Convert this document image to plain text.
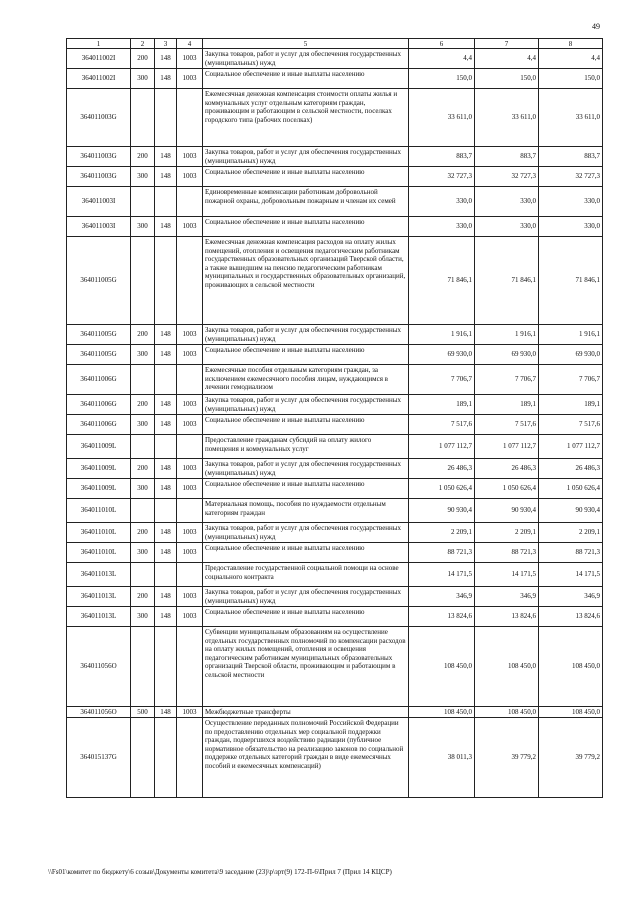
49
1	2	3	4	5	6	7	8
364011002I	200	148	1003	Закупка товаров, работ и услуг для обеспечения государственных (муниципальных) нужд	4,4	4,4	4,4
364011002I	300	148	1003	Социальное обеспечение и иные выплаты населению	150,0	150,0	150,0
364011003G				Ежемесячная денежная компенсация стоимости оплаты жилья и коммунальных услуг отдельным категориям граждан, проживающим и работающим в сельской местности, поселках городского типа (рабочих поселках)	33 611,0	33 611,0	33 611,0
364011003G	200	148	1003	Закупка товаров, работ и услуг для обеспечения государственных (муниципальных) нужд	883,7	883,7	883,7
364011003G	300	148	1003	Социальное обеспечение и иные выплаты населению	32 727,3	32 727,3	32 727,3
364011003I				Единовременные компенсации работникам добровольной пожарной охраны, добровольным пожарным и членам их семей	330,0	330,0	330,0
364011003I	300	148	1003	Социальное обеспечение и иные выплаты населению	330,0	330,0	330,0
364011005G				Ежемесячная денежная компенсация расходов на оплату жилых помещений, отопления и освещения педагогическим работникам государственных образовательных организаций Тверской области, а также вышедшим на пенсию педагогическим работникам муниципальных и государственных образовательных организаций, проживающих в сельской местности	71 846,1	71 846,1	71 846,1
364011005G	200	148	1003	Закупка товаров, работ и услуг для обеспечения государственных (муниципальных) нужд	1 916,1	1 916,1	1 916,1
364011005G	300	148	1003	Социальное обеспечение и иные выплаты населению	69 930,0	69 930,0	69 930,0
364011006G				Ежемесячные пособия отдельным категориям граждан, за исключением ежемесячного пособия лицам, нуждающимся в лечении гемодиализом	7 706,7	7 706,7	7 706,7
364011006G	200	148	1003	Закупка товаров, работ и услуг для обеспечения государственных (муниципальных) нужд	189,1	189,1	189,1
364011006G	300	148	1003	Социальное обеспечение и иные выплаты населению	7 517,6	7 517,6	7 517,6
364011009L				Предоставление гражданам субсидий на оплату жилого помещения и коммунальных услуг	1 077 112,7	1 077 112,7	1 077 112,7
364011009L	200	148	1003	Закупка товаров, работ и услуг для обеспечения государственных (муниципальных) нужд	26 486,3	26 486,3	26 486,3
364011009L	300	148	1003	Социальное обеспечение и иные выплаты населению	1 050 626,4	1 050 626,4	1 050 626,4
364011010L				Материальная помощь, пособия по нуждаемости отдельным категориям граждан	90 930,4	90 930,4	90 930,4
364011010L	200	148	1003	Закупка товаров, работ и услуг для обеспечения государственных (муниципальных) нужд	2 209,1	2 209,1	2 209,1
364011010L	300	148	1003	Социальное обеспечение и иные выплаты населению	88 721,3	88 721,3	88 721,3
364011013L				Предоставление государственной социальной помощи на основе социального контракта	14 171,5	14 171,5	14 171,5
364011013L	200	148	1003	Закупка товаров, работ и услуг для обеспечения государственных (муниципальных) нужд	346,9	346,9	346,9
364011013L	300	148	1003	Социальное обеспечение и иные выплаты населению	13 824,6	13 824,6	13 824,6
364011056O				Субвенции муниципальным образованиям на осуществление отдельных государственных полномочий по компенсации расходов на оплату жилых помещений, отопления и освещения педагогическим работникам муниципальных образовательных организаций Тверской области, проживающим и работающим в сельской местности	108 450,0	108 450,0	108 450,0
364011056O	500	148	1003	Межбюджетные трансферты	108 450,0	108 450,0	108 450,0
364015137G				Осуществление переданных полномочий Российской Федерации по предоставлению отдельных мер социальной поддержки граждан, подвергшихся воздействию радиации (публичное нормативное обязательство на реализацию законов по социальной поддержке отдельных категорий граждан в виде ежемесячных пособий и ежемесячных компенсаций)	38 011,3	39 779,2	39 779,2
\\Fs01\комитет по бюджету\6 созыв\Документы комитета\9 заседание (23)\р\зрт(9) 172-П-6\Прил 7 (Прил 14 КЦСР)
